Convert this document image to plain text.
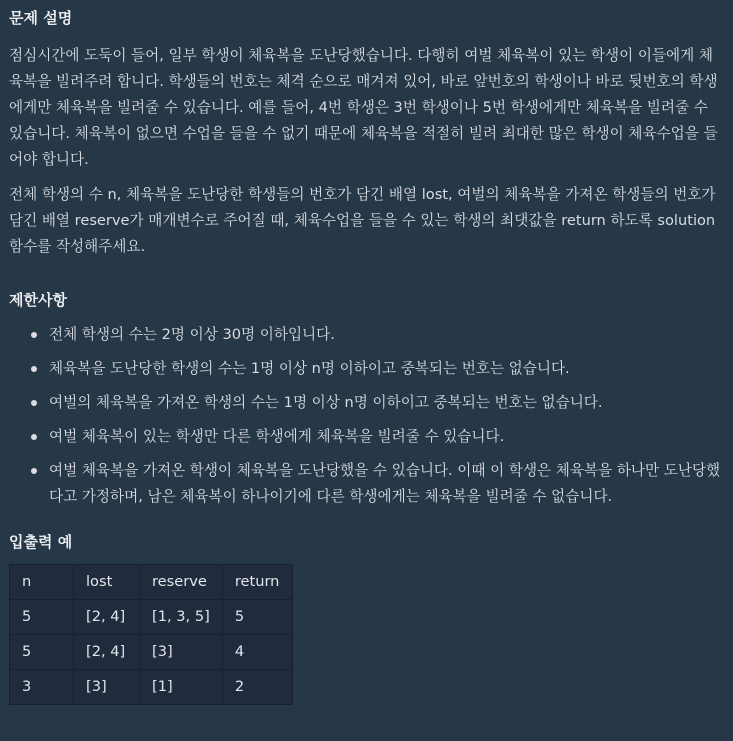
문제 설명

점심시간에 도둑이 들어, 일부 학생이 체육복을 도난당했습니다. 다행히 여벌 체육복이 있는 학생이 이들에게 체육복을 빌려주려 합니다. 학생들의 번호는 체격 순으로 매겨져 있어, 바로 앞번호의 학생이나 바로 뒷번호의 학생에게만 체육복을 빌려줄 수 있습니다. 예를 들어, 4번 학생은 3번 학생이나 5번 학생에게만 체육복을 빌려줄 수 있습니다. 체육복이 없으면 수업을 들을 수 없기 때문에 체육복을 적절히 빌려 최대한 많은 학생이 체육수업을 들어야 합니다.

전체 학생의 수 n, 체육복을 도난당한 학생들의 번호가 담긴 배열 lost, 여벌의 체육복을 가져온 학생들의 번호가 담긴 배열 reserve가 매개변수로 주어질 때, 체육수업을 들을 수 있는 학생의 최댓값을 return 하도록 solution 함수를 작성해주세요.

제한사항
전체 학생의 수는 2명 이상 30명 이하입니다.
체육복을 도난당한 학생의 수는 1명 이상 n명 이하이고 중복되는 번호는 없습니다.
여벌의 체육복을 가져온 학생의 수는 1명 이상 n명 이하이고 중복되는 번호는 없습니다.
여벌 체육복이 있는 학생만 다른 학생에게 체육복을 빌려줄 수 있습니다.
여벌 체육복을 가져온 학생이 체육복을 도난당했을 수 있습니다. 이때 이 학생은 체육복을 하나만 도난당했다고 가정하며, 남은 체육복이 하나이기에 다른 학생에게는 체육복을 빌려줄 수 없습니다.
입출력 예
n	lost	reserve	return
5	[2, 4]	[1, 3, 5]	5
5	[2, 4]	[3]	4
3	[3]	[1]	2
